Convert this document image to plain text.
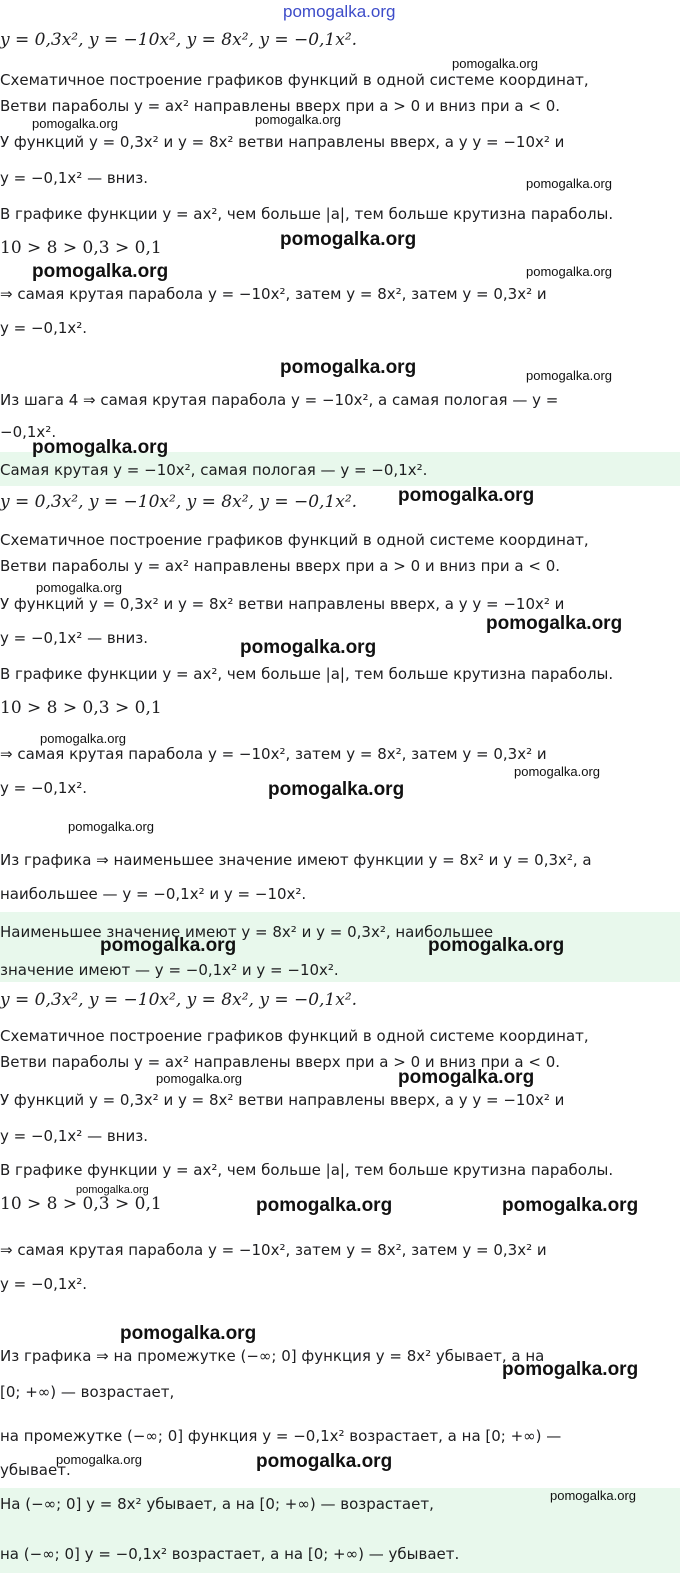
pomogalka.org
y = 0,3x², y = −10x², y = 8x², y = −0,1x².
Схематичное построение графиков функций в одной системе координат,
Ветви параболы y = ax² направлены вверх при a > 0 и вниз при a < 0.
У функций y = 0,3x² и y = 8x² ветви направлены вверх, а у y = −10x² и
y = −0,1x² — вниз.
В графике функции y = ax², чем больше |a|, тем больше крутизна параболы.
10 > 8 > 0,3 > 0,1
⇒ самая крутая парабола y = −10x², затем y = 8x², затем y = 0,3x² и
y = −0,1x².
Из шага 4 ⇒ самая крутая парабола y = −10x², а самая пологая — y =
−0,1x².
Самая крутая y = −10x², самая пологая — y = −0,1x².
y = 0,3x², y = −10x², y = 8x², y = −0,1x².
Схематичное построение графиков функций в одной системе координат,
Ветви параболы y = ax² направлены вверх при a > 0 и вниз при a < 0.
У функций y = 0,3x² и y = 8x² ветви направлены вверх, а у y = −10x² и
y = −0,1x² — вниз.
В графике функции y = ax², чем больше |a|, тем больше крутизна параболы.
10 > 8 > 0,3 > 0,1
⇒ самая крутая парабола y = −10x², затем y = 8x², затем y = 0,3x² и
y = −0,1x².
Из графика ⇒ наименьшее значение имеют функции y = 8x² и y = 0,3x², а
наибольшее — y = −0,1x² и y = −10x².
Наименьшее значение имеют y = 8x² и y = 0,3x², наибольшее
значение имеют — y = −0,1x² и y = −10x².
y = 0,3x², y = −10x², y = 8x², y = −0,1x².
Схематичное построение графиков функций в одной системе координат,
Ветви параболы y = ax² направлены вверх при a > 0 и вниз при a < 0.
У функций y = 0,3x² и y = 8x² ветви направлены вверх, а у y = −10x² и
y = −0,1x² — вниз.
В графике функции y = ax², чем больше |a|, тем больше крутизна параболы.
10 > 8 > 0,3 > 0,1
⇒ самая крутая парабола y = −10x², затем y = 8x², затем y = 0,3x² и
y = −0,1x².
Из графика ⇒ на промежутке (−∞; 0] функция y = 8x² убывает, а на
[0; +∞) — возрастает,
на промежутке (−∞; 0] функция y = −0,1x² возрастает, а на [0; +∞) —
убывает.
На (−∞; 0] y = 8x² убывает, а на [0; +∞) — возрастает,
на (−∞; 0] y = −0,1x² возрастает, а на [0; +∞) — убывает.
pomogalka.org
pomogalka.org	pomogalka.org
pomogalka.org
pomogalka.org
pomogalka.org	pomogalka.org
pomogalka.org	pomogalka.org
pomogalka.org
pomogalka.org
pomogalka.org
pomogalka.org
pomogalka.org
pomogalka.org
pomogalka.org
pomogalka.org
pomogalka.org
pomogalka.org	pomogalka.org
pomogalka.org	pomogalka.org
pomogalka.org
pomogalka.org	pomogalka.org
pomogalka.org
pomogalka.org
pomogalka.org	pomogalka.org
pomogalka.org
